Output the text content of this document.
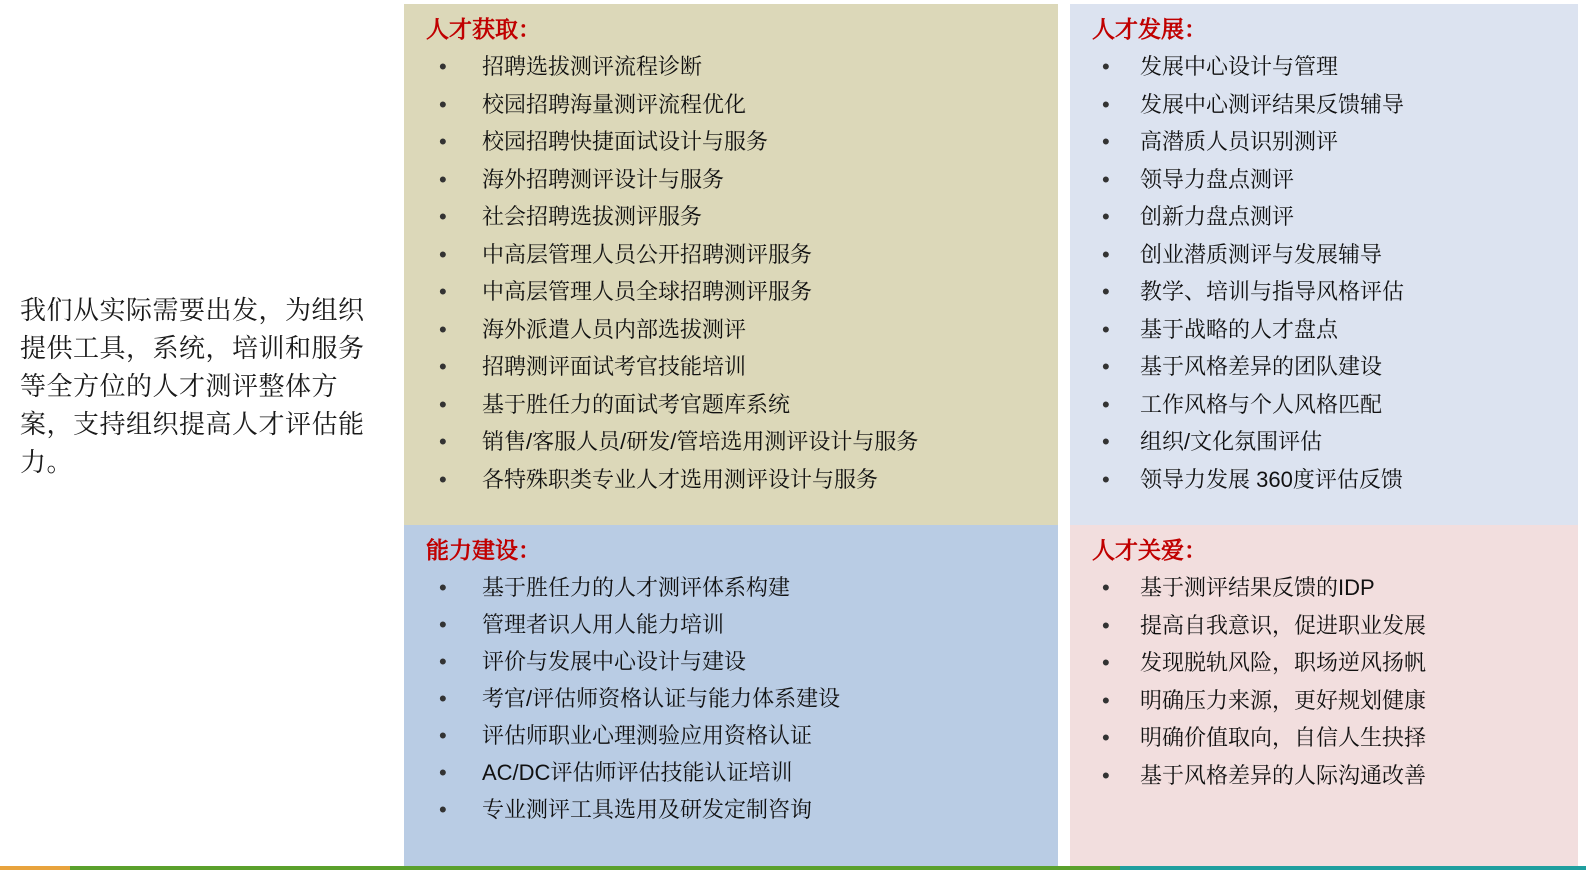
我们从实际需要出发，为组织提供工具，系统，培训和服务等全方位的人才测评整体方案，支持组织提高人才评估能力。

人才获取：
• 招聘选拔测评流程诊断
• 校园招聘海量测评流程优化
• 校园招聘快捷面试设计与服务
• 海外招聘测评设计与服务
• 社会招聘选拔测评服务
• 中高层管理人员公开招聘测评服务
• 中高层管理人员全球招聘测评服务
• 海外派遣人员内部选拔测评
• 招聘测评面试考官技能培训
• 基于胜任力的面试考官题库系统
• 销售/客服人员/研发/管培选用测评设计与服务
• 各特殊职类专业人才选用测评设计与服务
能力建设：
• 基于胜任力的人才测评体系构建
• 管理者识人用人能力培训
• 评价与发展中心设计与建设
• 考官/评估师资格认证与能力体系建设
• 评估师职业心理测验应用资格认证
• AC/DC评估师评估技能认证培训
• 专业测评工具选用及研发定制咨询
人才发展：
• 发展中心设计与管理
• 发展中心测评结果反馈辅导
• 高潜质人员识别测评
• 领导力盘点测评
• 创新力盘点测评
• 创业潜质测评与发展辅导
• 教学、培训与指导风格评估
• 基于战略的人才盘点
• 基于风格差异的团队建设
• 工作风格与个人风格匹配
• 组织/文化氛围评估
• 领导力发展 360度评估反馈
人才关爱：
• 基于测评结果反馈的IDP
• 提高自我意识，促进职业发展
• 发现脱轨风险，职场逆风扬帆
• 明确压力来源，更好规划健康
• 明确价值取向，自信人生抉择
• 基于风格差异的人际沟通改善
